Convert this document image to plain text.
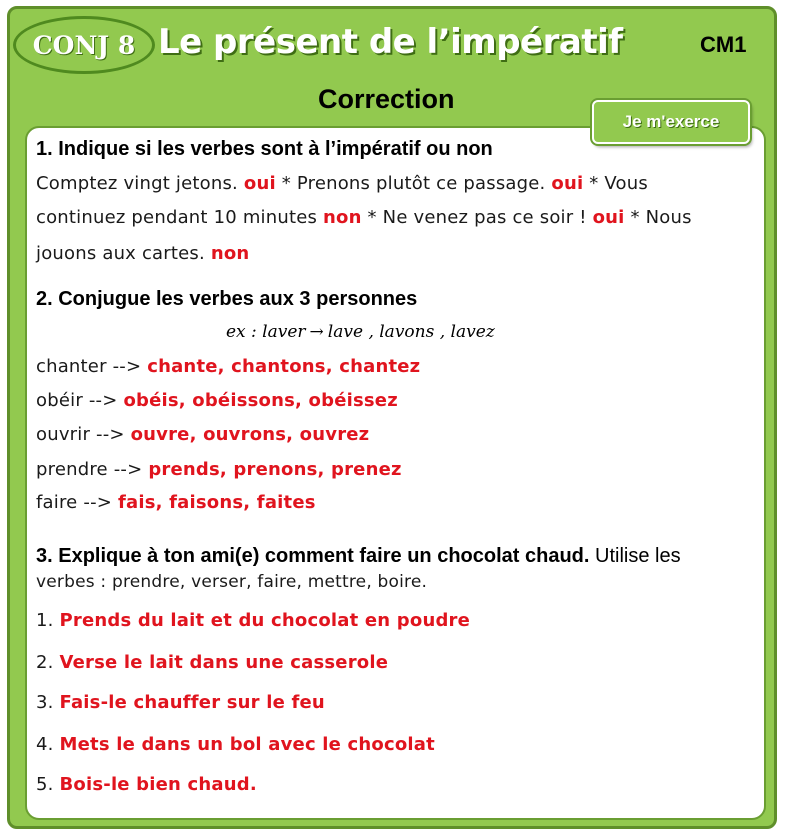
CONJ 8 Le présent de l’impératif	CM1
Correction
Je m'exerce
1. Indique si les verbes sont à l’impératif ou non
Comptez vingt jetons. oui * Prenons plutôt ce passage. oui * Vous
continuez pendant 10 minutes non * Ne venez pas ce soir ! oui * Nous
jouons aux cartes. non
2. Conjugue les verbes aux 3 personnes
ex : laver → lave , lavons , lavez
chanter --> chante, chantons, chantez
obéir --> obéis, obéissons, obéissez
ouvrir --> ouvre, ouvrons, ouvrez
prendre --> prends, prenons, prenez
faire --> fais, faisons, faites
3. Explique à ton ami(e) comment faire un chocolat chaud. Utilise les
verbes : prendre, verser, faire, mettre, boire.
1. Prends du lait et du chocolat en poudre
2. Verse le lait dans une casserole
3. Fais-le chauffer sur le feu
4. Mets le dans un bol avec le chocolat
5. Bois-le bien chaud.
